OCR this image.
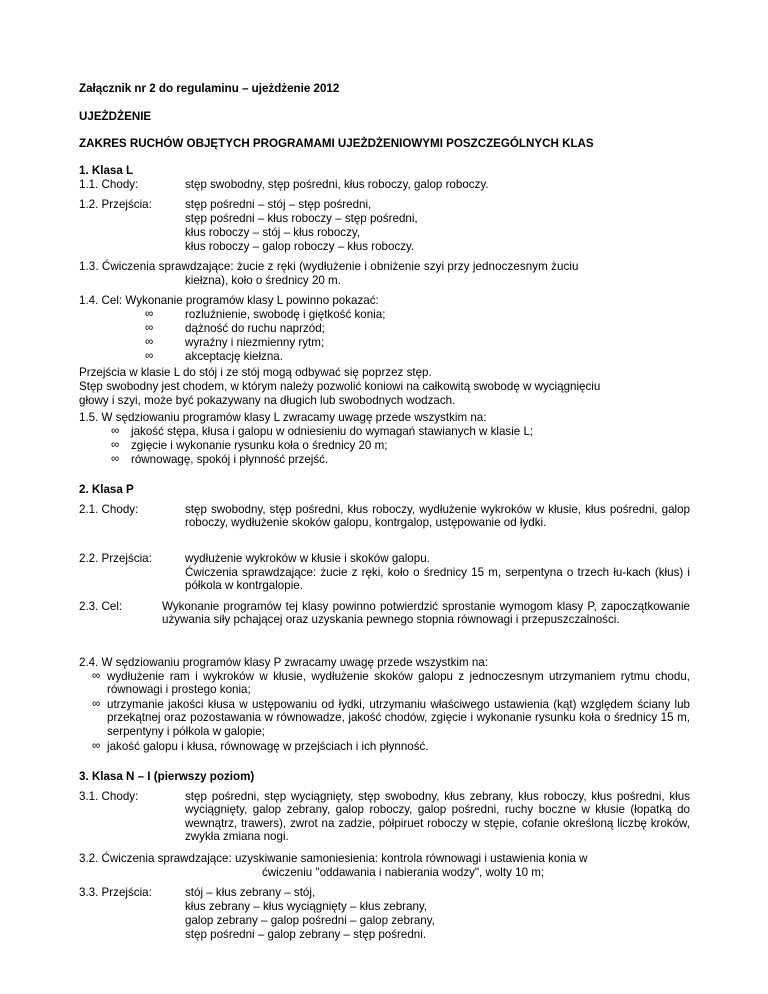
Załącznik nr 2 do regulaminu – ujeżdżenie 2012
UJEŻDŻENIE
ZAKRES RUCHÓW OBJĘTYCH PROGRAMAMI UJEŻDŻENIOWYMI POSZCZEGÓLNYCH KLAS
1. Klasa L
1.1. Chody:	stęp swobodny, stęp pośredni, kłus roboczy, galop roboczy.
1.2. Przejścia:	stęp pośredni – stój – stęp pośredni,
stęp pośredni – kłus roboczy – stęp pośredni,
kłus roboczy – stój – kłus roboczy,
kłus roboczy – galop roboczy – kłus roboczy.
1.3. Ćwiczenia sprawdzające: żucie z ręki (wydłużenie i obniżenie szyi przy jednoczesnym żuciu
kiełzna), koło o średnicy 20 m.
1.4. Cel: Wykonanie programów klasy L powinno pokazać:
∞	rozluźnienie, swobodę i giętkość konia;
∞	dążność do ruchu naprzód;
∞	wyraźny i niezmienny rytm;
∞	akceptację kiełzna.
Przejścia w klasie L do stój i ze stój mogą odbywać się poprzez stęp.
Stęp swobodny jest chodem, w którym należy pozwolić koniowi na całkowitą swobodę w wyciągnięciu
głowy i szyi, może być pokazywany na długich lub swobodnych wodzach.
1.5. W sędziowaniu programów klasy L zwracamy uwagę przede wszystkim na:
∞ jakość stępa, kłusa i galopu w odniesieniu do wymagań stawianych w klasie L;
∞ zgięcie i wykonanie rysunku koła o średnicy 20 m;
∞ równowagę, spokój i płynność przejść.
2. Klasa P
2.1. Chody:	stęp swobodny, stęp pośredni, kłus roboczy, wydłużenie wykroków w kłusie, kłus pośredni, galop roboczy, wydłużenie skoków galopu, kontrgalop, ustępowanie od łydki.
2.2. Przejścia:	wydłużenie wykroków w kłusie i skoków galopu.
Ćwiczenia sprawdzające: żucie z ręki, koło o średnicy 15 m, serpentyna o trzech łu-kach (kłus) i półkola w kontrgalopie.
2.3. Cel:	Wykonanie programów tej klasy powinno potwierdzić sprostanie wymogom klasy P, zapoczątkowanie używania siły pchającej oraz uzyskania pewnego stopnia równowagi i przepuszczalności.
2.4. W sędziowaniu programów klasy P zwracamy uwagę przede wszystkim na:
∞ wydłużenie ram i wykroków w kłusie, wydłużenie skoków galopu z jednoczesnym utrzymaniem rytmu chodu, równowagi i prostego konia;
∞ utrzymanie jakości kłusa w ustępowaniu od łydki, utrzymaniu właściwego ustawienia (kąt) względem ściany lub przekątnej oraz pozostawania w równowadze, jakość chodów, zgięcie i wykonanie rysunku koła o średnicy 15 m, serpentyny i półkola w galopie;
∞ jakość galopu i kłusa, równowagę w przejściach i ich płynność.
3. Klasa N – I (pierwszy poziom)
3.1. Chody:	stęp pośredni, stęp wyciągnięty, stęp swobodny, kłus zebrany, kłus roboczy, kłus pośredni, kłus wyciągnięty, galop zebrany, galop roboczy, galop pośredni, ruchy boczne w kłusie (łopatką do wewnątrz, trawers), zwrot na zadzie, półpiruet roboczy w stępie, cofanie określoną liczbę kroków, zwykła zmiana nogi.
3.2. Ćwiczenia sprawdzające: uzyskiwanie samoniesienia: kontrola równowagi i ustawienia konia w
ćwiczeniu "oddawania i nabierania wodzy", wolty 10 m;
3.3. Przejścia:	stój – kłus zebrany – stój,
kłus zebrany – kłus wyciągnięty – kłus zebrany,
galop zebrany – galop pośredni – galop zebrany,
stęp pośredni – galop zebrany – stęp pośredni.
